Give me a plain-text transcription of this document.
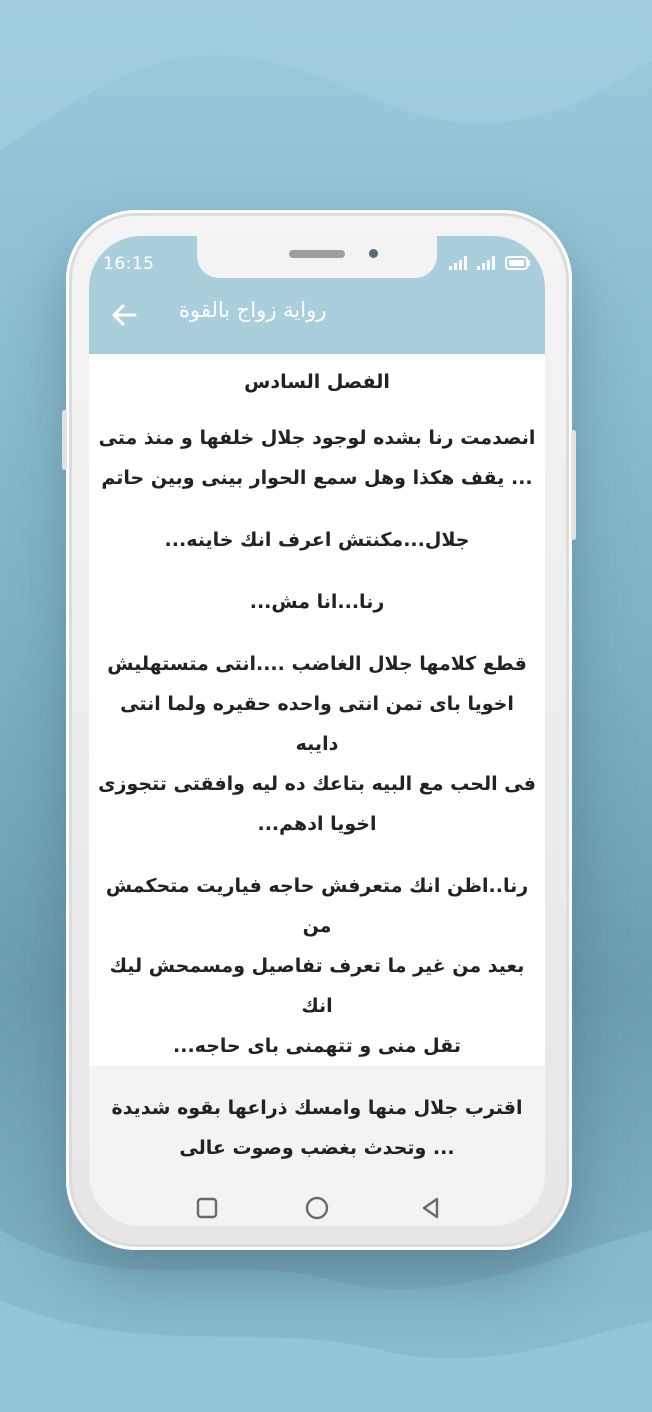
16:15
رواية زواج بالقوة
الفصل السادس
انصدمت رنا بشده لوجود جلال خلفها و منذ متى
... يقف هكذا وهل سمع الحوار بينى وبين حاتم
جلال...مكنتش اعرف انك خاينه...
رنا...انا مش...
قطع كلامها جلال الغاضب ....انتى متستهليش
اخويا باى تمن انتى واحده حقيره ولما انتى دايبه
فى الحب مع البيه بتاعك ده ليه وافقتى تتجوزى
اخويا ادهم...
رنا..اظن انك متعرفش حاجه فياريت متحكمش من
بعيد من غير ما تعرف تفاصيل ومسمحش ليك انك
تقل منى و تتهمنى باى حاجه...
اقترب جلال منها وامسك ذراعها بقوه شديدة
... وتحدث بغضب وصوت عالى
